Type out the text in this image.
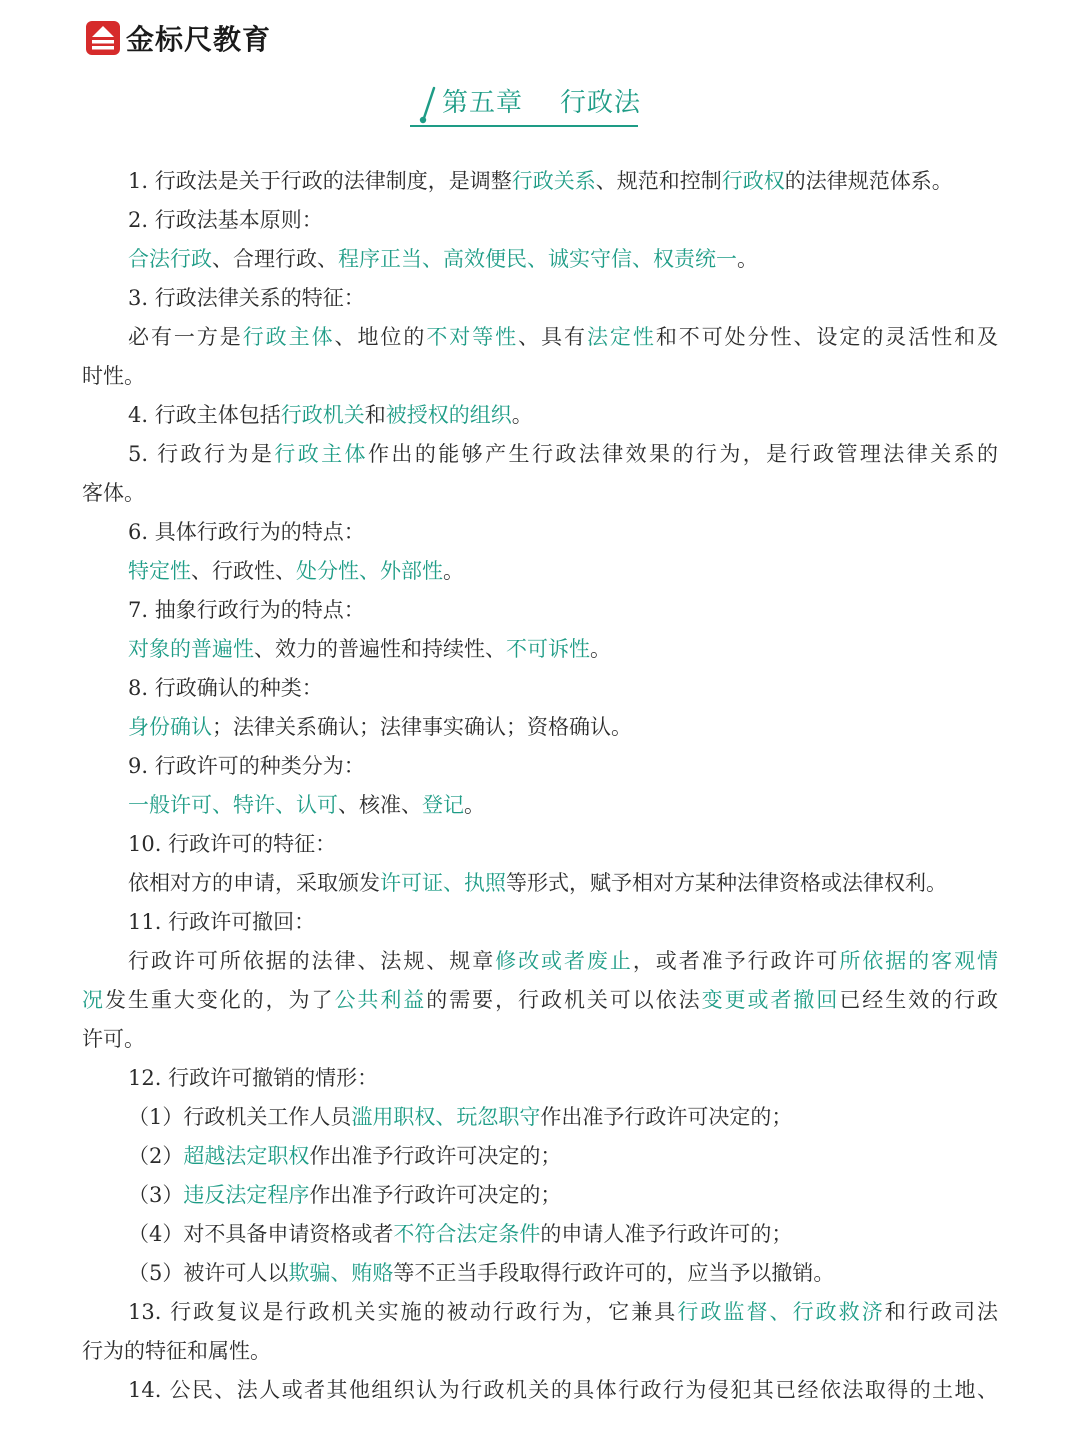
金标尺教育
第五章    行政法
1. 行政法是关于行政的法律制度，是调整行政关系、规范和控制行政权的法律规范体系。
2. 行政法基本原则：
合法行政、合理行政、程序正当、高效便民、诚实守信、权责统一。
3. 行政法律关系的特征：
必有一方是行政主体、地位的不对等性、具有法定性和不可处分性、设定的灵活性和及
时性。
4. 行政主体包括行政机关和被授权的组织。
5. 行政行为是行政主体作出的能够产生行政法律效果的行为，是行政管理法律关系的
客体。
6. 具体行政行为的特点：
特定性、行政性、处分性、外部性。
7. 抽象行政行为的特点：
对象的普遍性、效力的普遍性和持续性、不可诉性。
8. 行政确认的种类：
身份确认；法律关系确认；法律事实确认；资格确认。
9. 行政许可的种类分为：
一般许可、特许、认可、核准、登记。
10. 行政许可的特征：
依相对方的申请，采取颁发许可证、执照等形式，赋予相对方某种法律资格或法律权利。
11. 行政许可撤回：
行政许可所依据的法律、法规、规章修改或者废止，或者准予行政许可所依据的客观情
况发生重大变化的，为了公共利益的需要，行政机关可以依法变更或者撤回已经生效的行政
许可。
12. 行政许可撤销的情形：
（1）行政机关工作人员滥用职权、玩忽职守作出准予行政许可决定的；
（2）超越法定职权作出准予行政许可决定的；
（3）违反法定程序作出准予行政许可决定的；
（4）对不具备申请资格或者不符合法定条件的申请人准予行政许可的；
（5）被许可人以欺骗、贿赂等不正当手段取得行政许可的，应当予以撤销。
13. 行政复议是行政机关实施的被动行政行为，它兼具行政监督、行政救济和行政司法
行为的特征和属性。
14. 公民、法人或者其他组织认为行政机关的具体行政行为侵犯其已经依法取得的土地、
